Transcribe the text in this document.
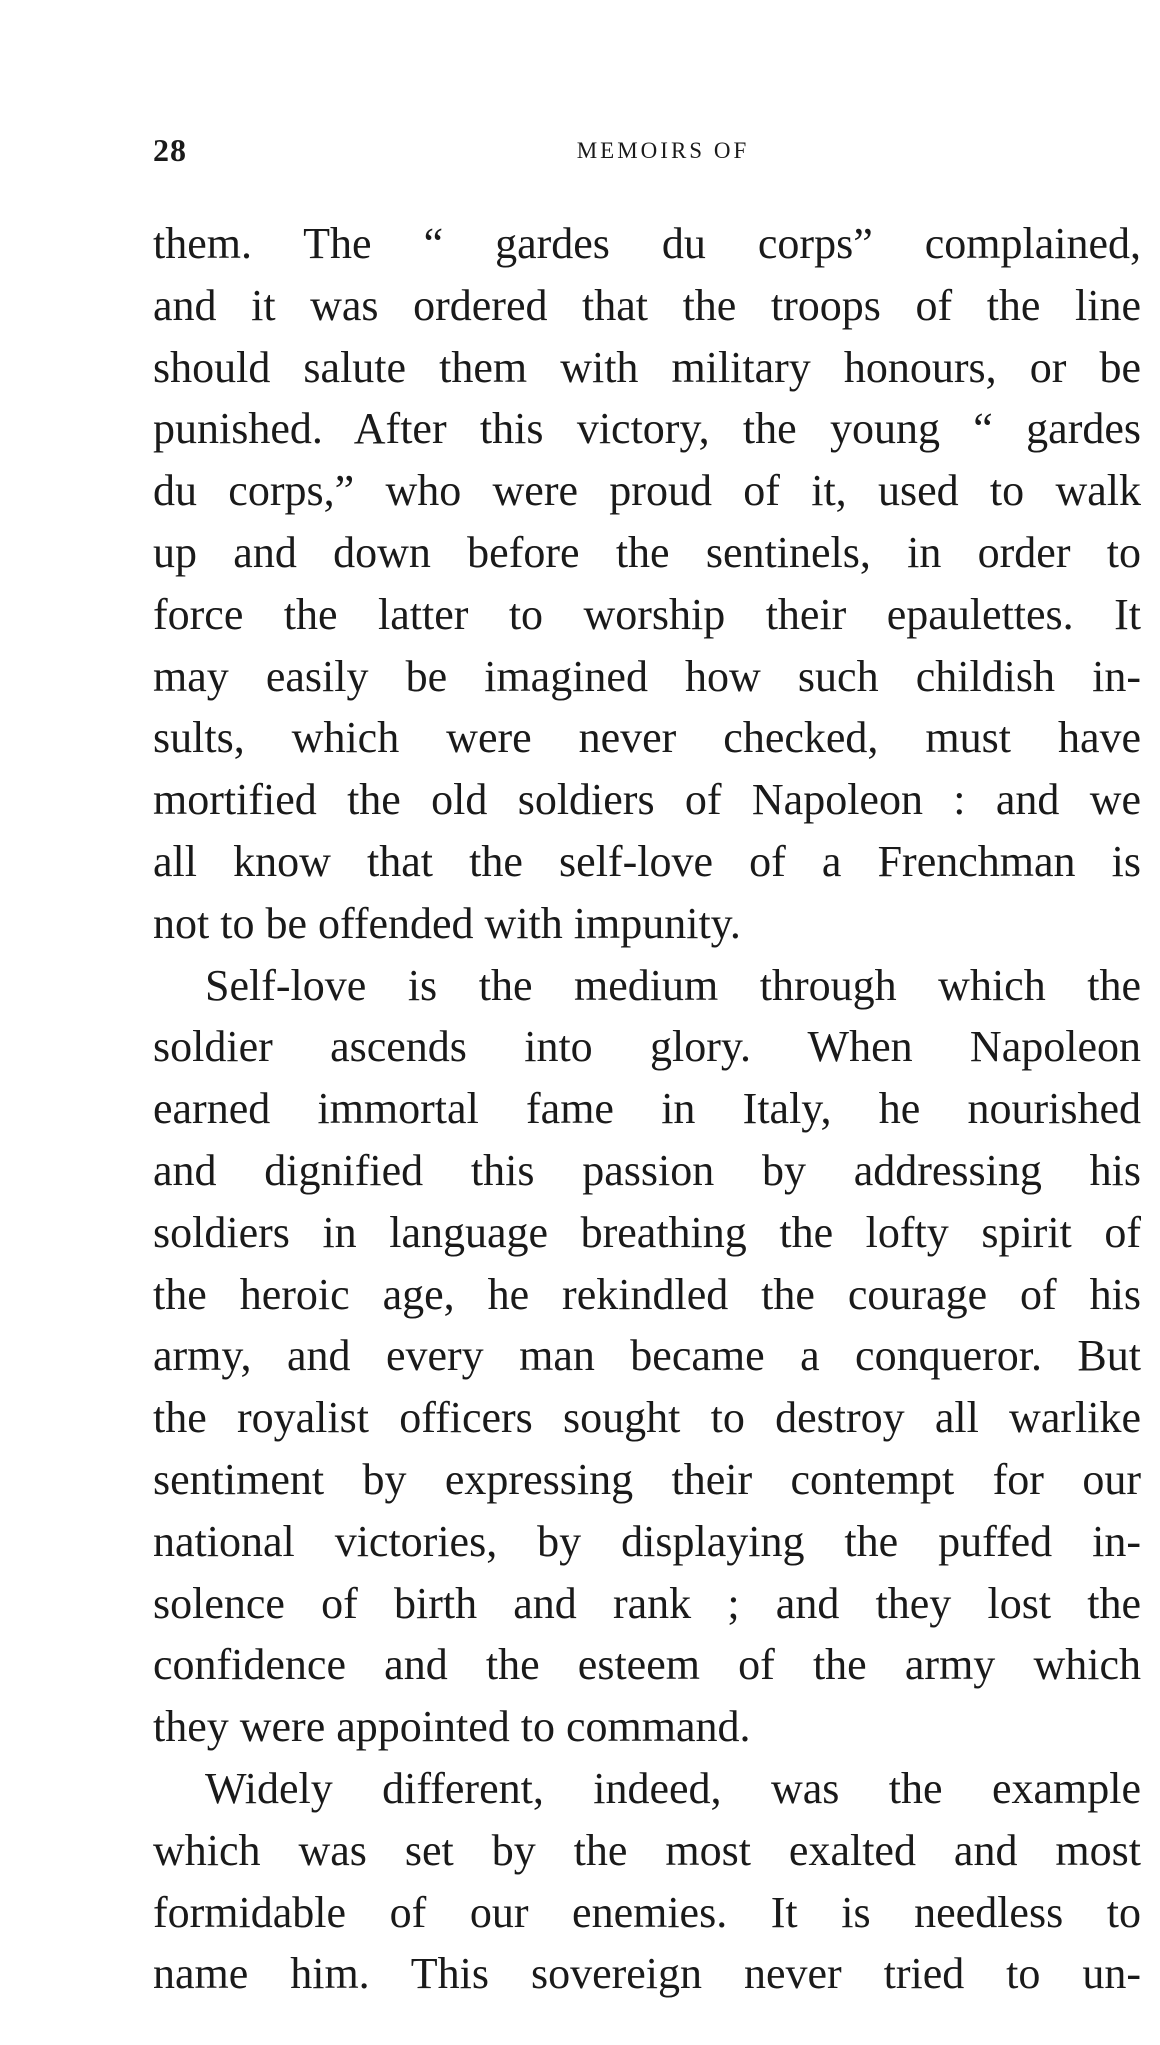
28	MEMOIRS OF
them. The “ gardes du corps” complained,
and it was ordered that the troops of the line
should salute them with military honours, or be
punished. After this victory, the young “ gardes
du corps,” who were proud of it, used to walk
up and down before the sentinels, in order to
force the latter to worship their epaulettes. It
may easily be imagined how such childish in-
sults, which were never checked, must have
mortified the old soldiers of Napoleon : and we
all know that the self-love of a Frenchman is
not to be offended with impunity.
Self-love is the medium through which the
soldier ascends into glory. When Napoleon
earned immortal fame in Italy, he nourished
and dignified this passion by addressing his
soldiers in language breathing the lofty spirit of
the heroic age, he rekindled the courage of his
army, and every man became a conqueror. But
the royalist officers sought to destroy all warlike
sentiment by expressing their contempt for our
national victories, by displaying the puffed in-
solence of birth and rank ; and they lost the
confidence and the esteem of the army which
they were appointed to command.
Widely different, indeed, was the example
which was set by the most exalted and most
formidable of our enemies. It is needless to
name him. This sovereign never tried to un-
